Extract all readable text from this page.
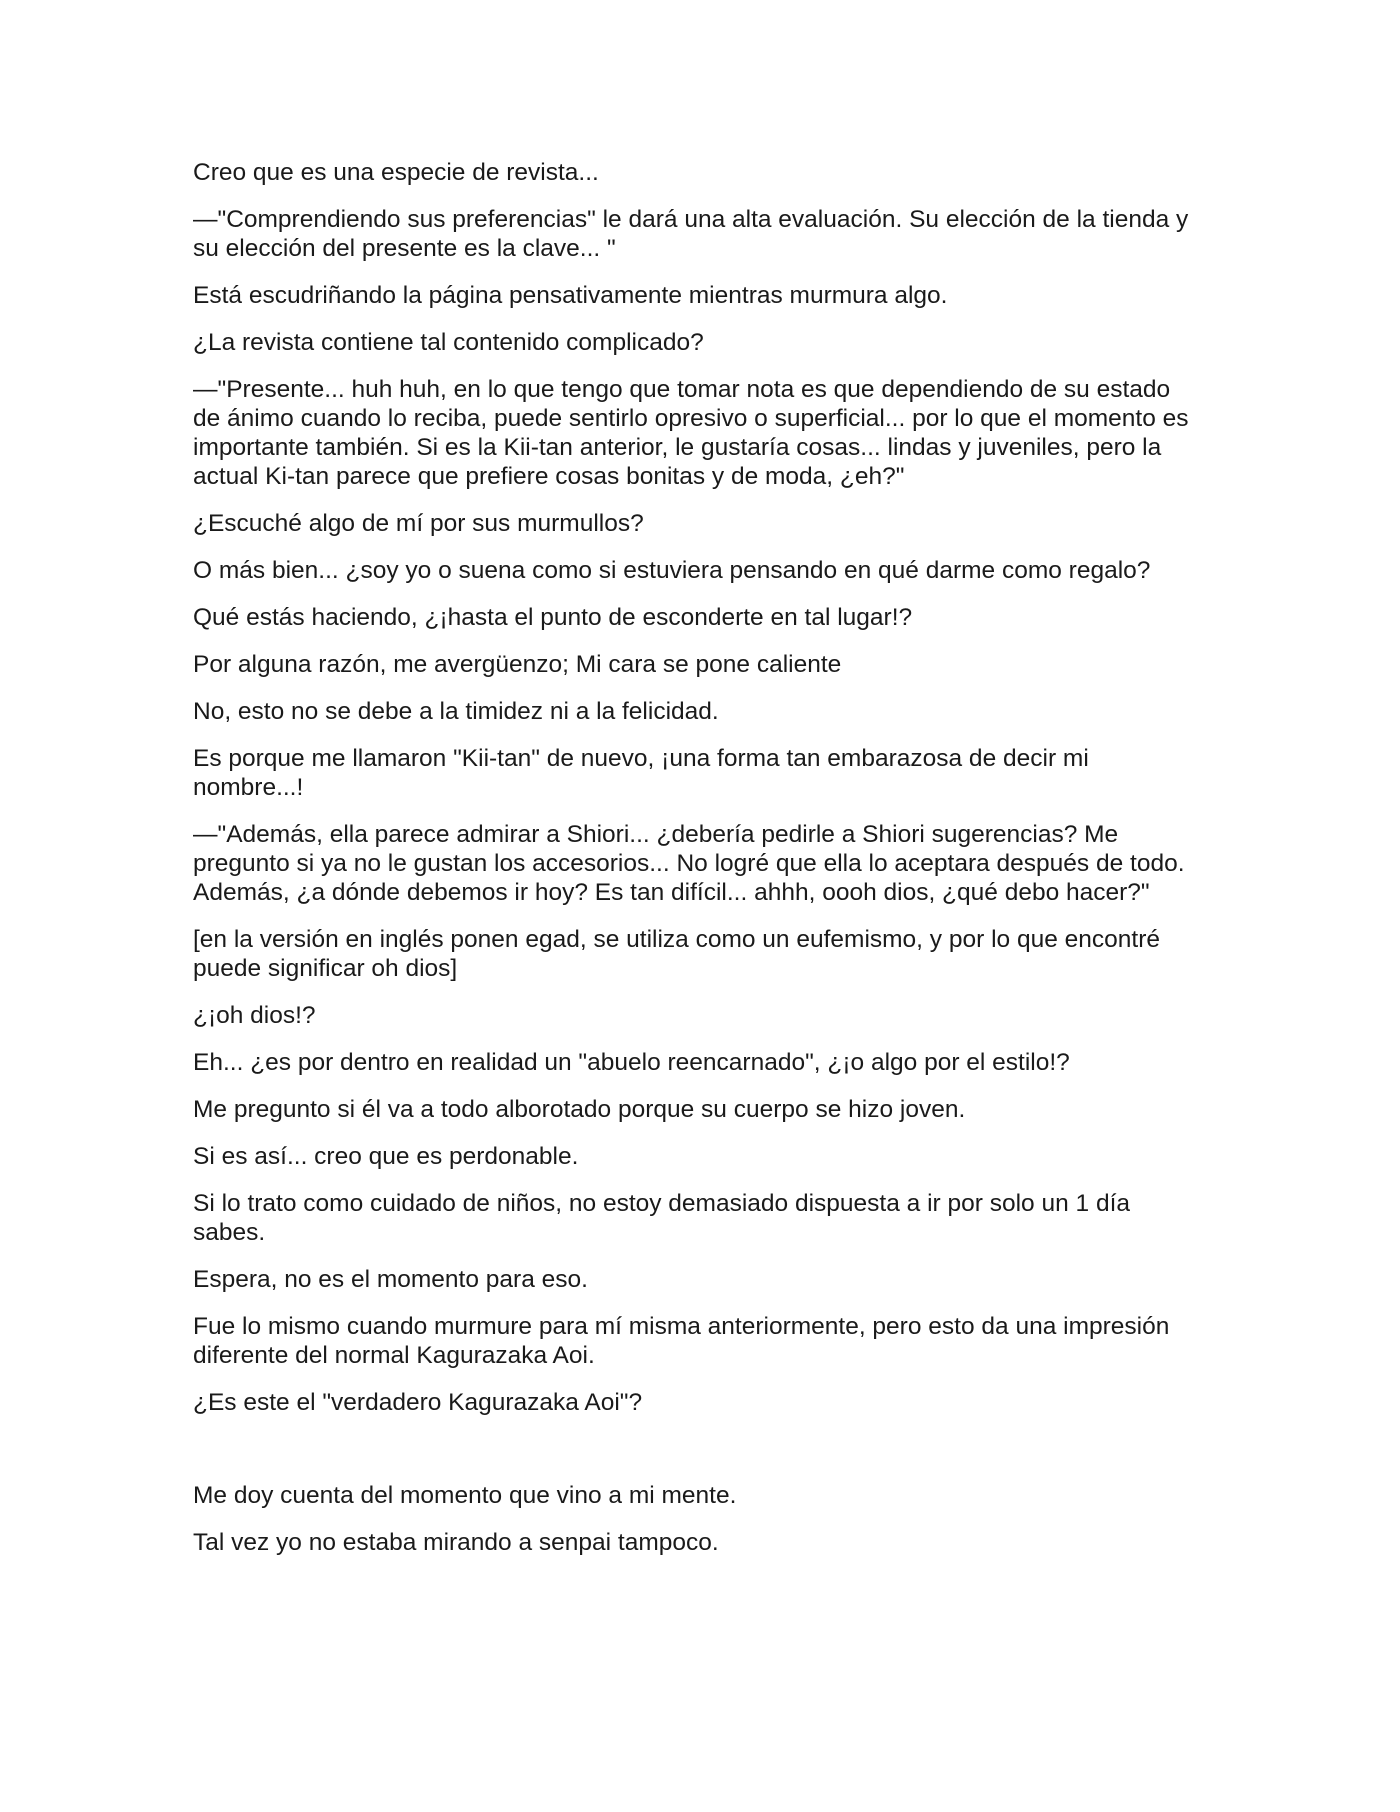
Creo que es una especie de revista...

—"Comprendiendo sus preferencias" le dará una alta evaluación. Su elección de la tienda y su elección del presente es la clave... "

Está escudriñando la página pensativamente mientras murmura algo.

¿La revista contiene tal contenido complicado?

—"Presente... huh huh, en lo que tengo que tomar nota es que dependiendo de su estado de ánimo cuando lo reciba, puede sentirlo opresivo o superficial... por lo que el momento es importante también. Si es la Kii-tan anterior, le gustaría cosas... lindas y juveniles, pero la actual Ki-tan parece que prefiere cosas bonitas y de moda, ¿eh?"

¿Escuché algo de mí por sus murmullos?

O más bien... ¿soy yo o suena como si estuviera pensando en qué darme como regalo?

Qué estás haciendo, ¿¡hasta el punto de esconderte en tal lugar!?

Por alguna razón, me avergüenzo; Mi cara se pone caliente

No, esto no se debe a la timidez ni a la felicidad.

Es porque me llamaron "Kii-tan" de nuevo, ¡una forma tan embarazosa de decir mi nombre...!

—"Además, ella parece admirar a Shiori... ¿debería pedirle a Shiori sugerencias? Me pregunto si ya no le gustan los accesorios... No logré que ella lo aceptara después de todo. Además, ¿a dónde debemos ir hoy? Es tan difícil... ahhh, oooh dios, ¿qué debo hacer?"

[en la versión en inglés ponen egad, se utiliza como un eufemismo, y por lo que encontré puede significar oh dios]

¿¡oh dios!?

Eh... ¿es por dentro en realidad un "abuelo reencarnado", ¿¡o algo por el estilo!?

Me pregunto si él va a todo alborotado porque su cuerpo se hizo joven.

Si es así... creo que es perdonable.

Si lo trato como cuidado de niños, no estoy demasiado dispuesta a ir por solo un 1 día sabes.

Espera, no es el momento para eso.

Fue lo mismo cuando murmure para mí misma anteriormente, pero esto da una impresión diferente del normal Kagurazaka Aoi.

¿Es este el "verdadero Kagurazaka Aoi"?

Me doy cuenta del momento que vino a mi mente.

Tal vez yo no estaba mirando a senpai tampoco.
